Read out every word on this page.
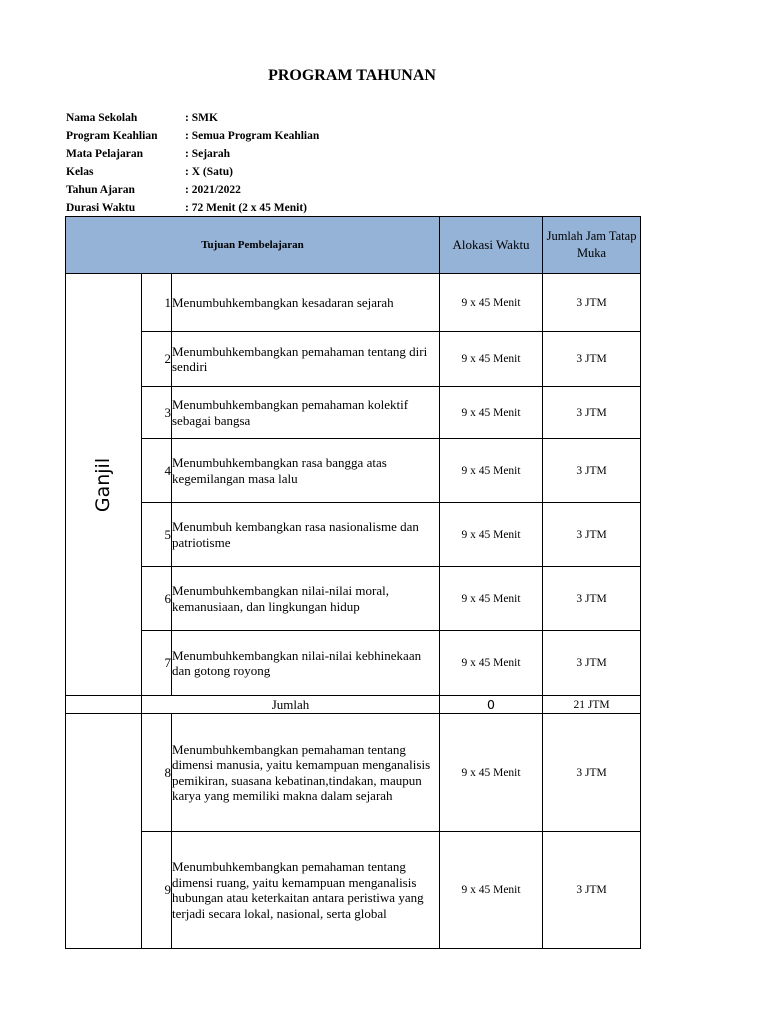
PROGRAM TAHUNAN
Nama Sekolah	: SMK
Program Keahlian : Semua Program Keahlian
Mata Pelajaran	: Sejarah
Kelas	: X (Satu)
Tahun Ajaran	: 2021/2022
Durasi Waktu	: 72 Menit (2 x 45 Menit)
Tujuan Pembelajaran			Alokasi Waktu	Jumlah Jam Tatap Muka
Ganjil	1	Menumbuhkembangkan kesadaran sejarah	9 x 45 Menit	3 JTM
	2	Menumbuhkembangkan pemahaman tentang diri sendiri	9 x 45 Menit	3 JTM
	3	Menumbuhkembangkan pemahaman kolektif sebagai bangsa	9 x 45 Menit	3 JTM
	4	Menumbuhkembangkan rasa bangga atas kegemilangan masa lalu	9 x 45 Menit	3 JTM
	5	Menumbuh kembangkan rasa nasionalisme dan patriotisme	9 x 45 Menit	3 JTM
	6	Menumbuhkembangkan nilai-nilai moral, kemanusiaan, dan lingkungan hidup	9 x 45 Menit	3 JTM
	7	Menumbuhkembangkan nilai-nilai kebhinekaan dan gotong royong	9 x 45 Menit	3 JTM
	Jumlah		0	21 JTM
	8	Menumbuhkembangkan pemahaman tentang dimensi manusia, yaitu kemampuan menganalisis pemikiran, suasana kebatinan,tindakan, maupun karya yang memiliki makna dalam sejarah	9 x 45 Menit	3 JTM
	9	Menumbuhkembangkan pemahaman tentang dimensi ruang, yaitu kemampuan menganalisis hubungan atau keterkaitan antara peristiwa yang terjadi secara lokal, nasional, serta global	9 x 45 Menit	3 JTM
